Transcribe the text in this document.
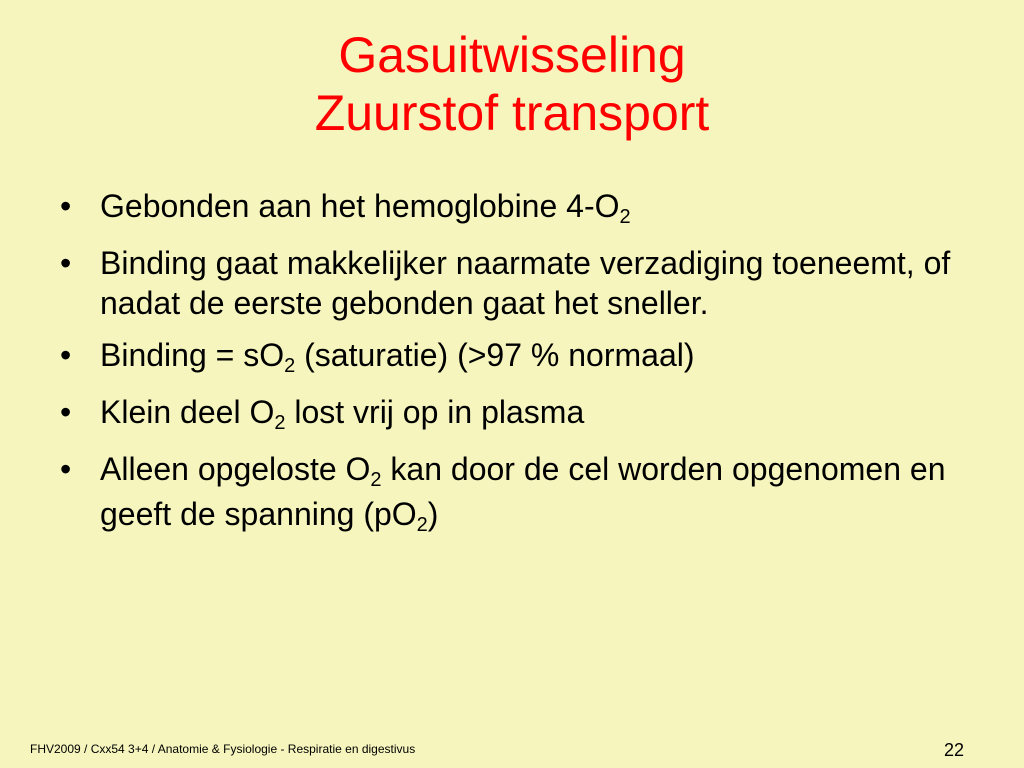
Gasuitwisseling
Zuurstof transport
• Gebonden aan het hemoglobine $4-O_2$
• Binding gaat makkelijker naarmate verzadiging toeneemt, of nadat de eerste gebonden gaat het sneller.
• Binding = $sO_2$ (saturatie) (>97 % normaal)
• Klein deel $O_2$ lost vrij op in plasma
• Alleen opgeloste $O_2$ kan door de cel worden opgenomen en geeft de spanning $(pO_2)$
FHV2009 / Cxx54 3+4 / Anatomie & Fysiologie - Respiratie en digestivus	22
